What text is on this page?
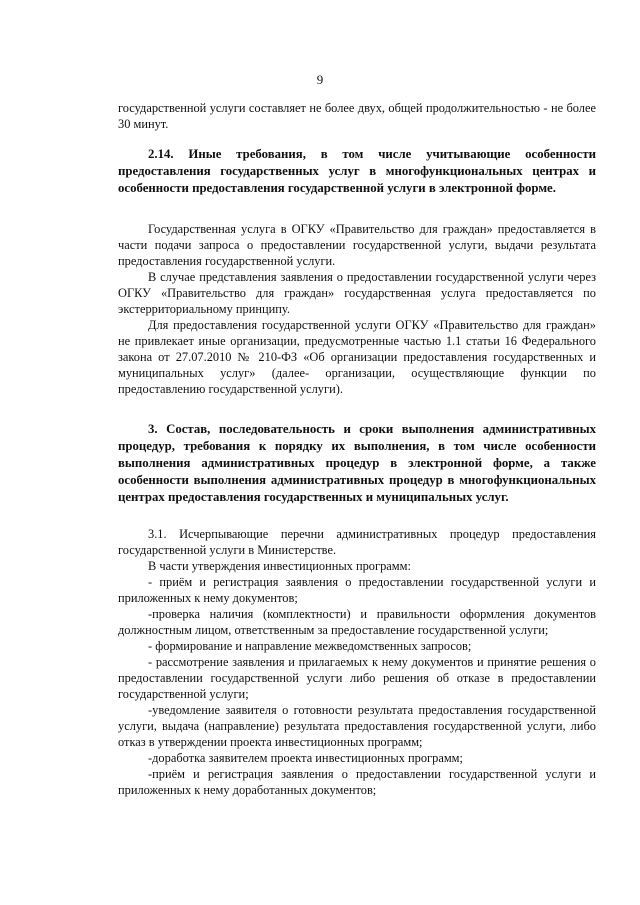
9

государственной услуги составляет не более двух, общей продолжительностью - не более 30 минут.

2.14. Иные требования, в том числе учитывающие особенности предоставления государственных услуг в многофункциональных центрах и особенности предоставления государственной услуги в электронной форме.

Государственная услуга в ОГКУ «Правительство для граждан» предоставляется в части подачи запроса о предоставлении государственной услуги, выдачи результата предоставления государственной услуги.

В случае представления заявления о предоставлении государственной услуги через ОГКУ «Правительство для граждан» государственная услуга предоставляется по экстерриториальному принципу.

Для предоставления государственной услуги ОГКУ «Правительство для граждан» не привлекает иные организации, предусмотренные частью 1.1 статьи 16 Федерального закона от 27.07.2010 № 210-ФЗ «Об организации предоставления государственных и муниципальных услуг» (далее- организации, осуществляющие функции по предоставлению государственной услуги).

3. Состав, последовательность и сроки выполнения административных процедур, требования к порядку их выполнения, в том числе особенности выполнения административных процедур в электронной форме, а также особенности выполнения административных процедур в многофункциональных центрах предоставления государственных и муниципальных услуг.

3.1. Исчерпывающие перечни административных процедур предоставления государственной услуги в Министерстве.

В части утверждения инвестиционных программ:

- приём и регистрация заявления о предоставлении государственной услуги и приложенных к нему документов;

-проверка наличия (комплектности) и правильности оформления документов должностным лицом, ответственным за предоставление государственной услуги;

- формирование и направление межведомственных запросов;

- рассмотрение заявления и прилагаемых к нему документов и принятие решения о предоставлении государственной услуги либо решения об отказе в предоставлении государственной услуги;

-уведомление заявителя о готовности результата предоставления государственной услуги, выдача (направление) результата предоставления государственной услуги, либо отказ в утверждении проекта инвестиционных программ;

-доработка заявителем проекта инвестиционных программ;

-приём и регистрация заявления о предоставлении государственной услуги и приложенных к нему доработанных документов;
